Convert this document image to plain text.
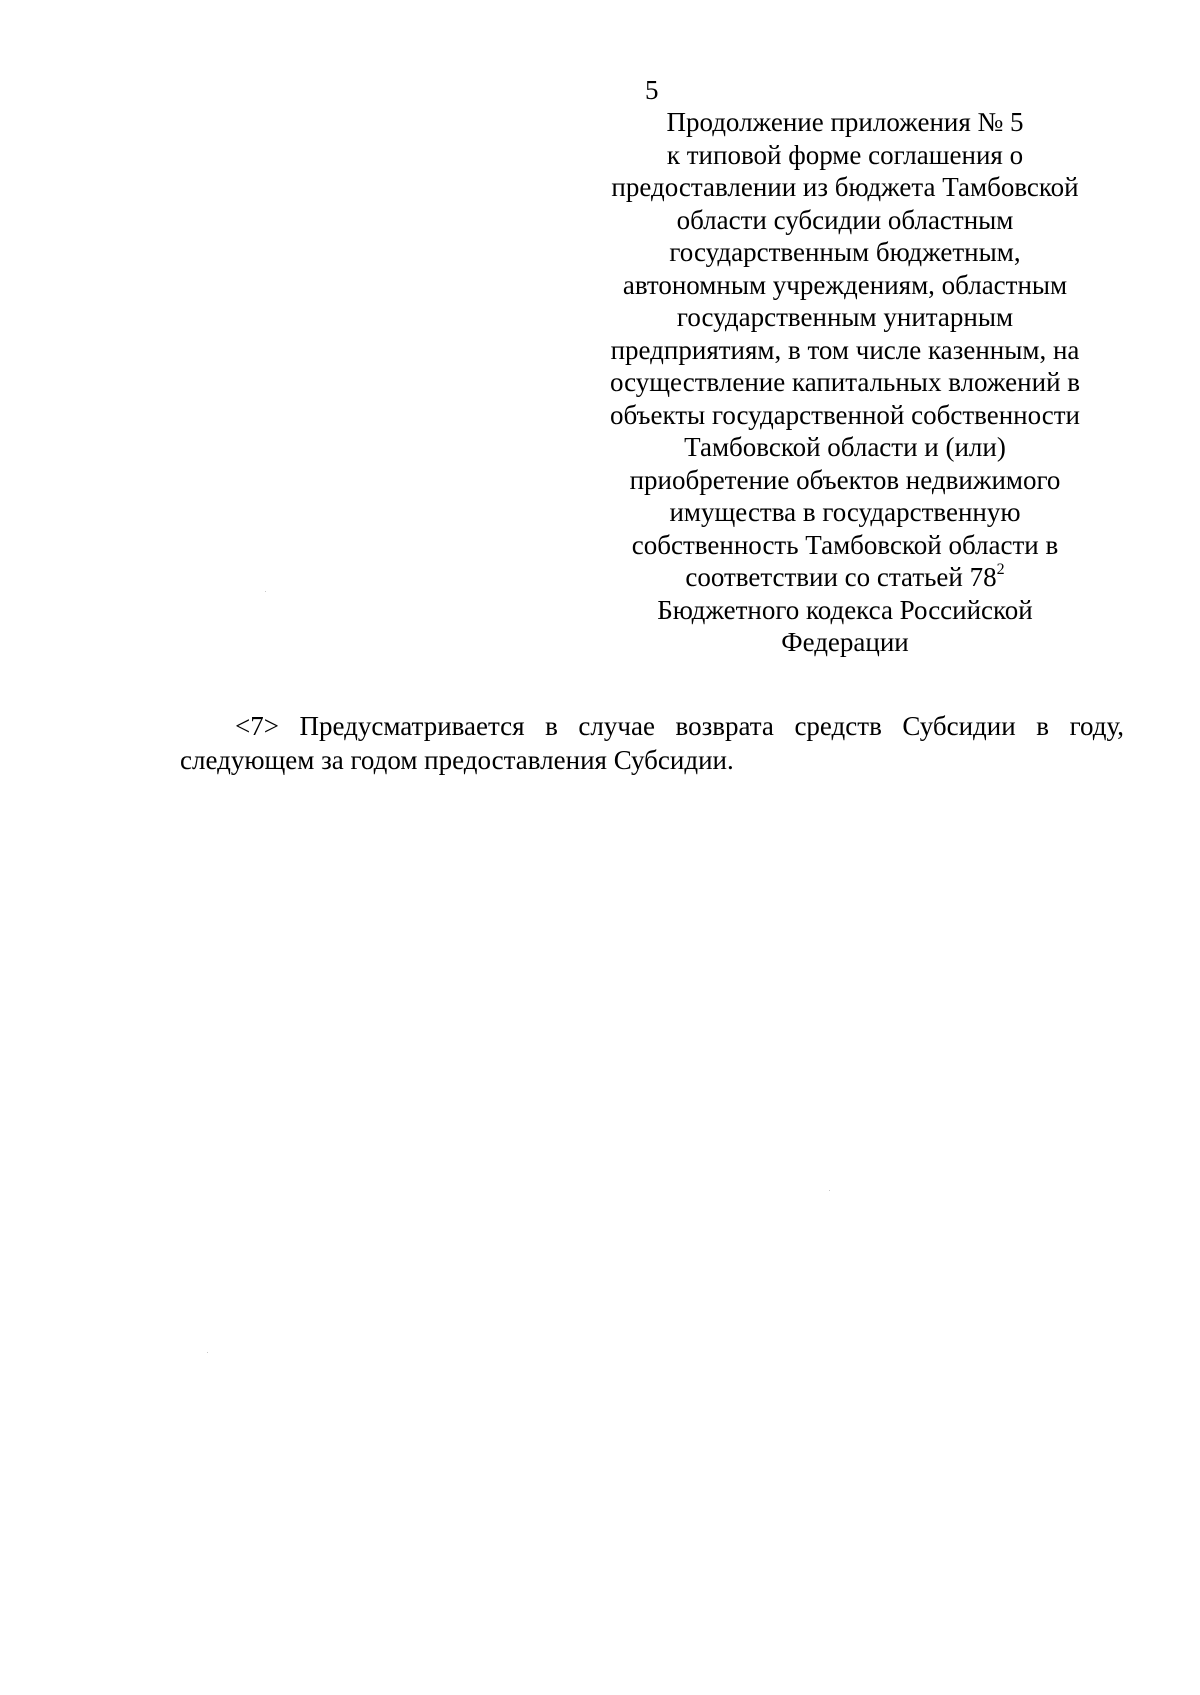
5
Продолжение приложения № 5
к типовой форме соглашения о
предоставлении из бюджета Тамбовской
области субсидии областным
государственным бюджетным,
автономным учреждениям, областным
государственным унитарным
предприятиям, в том числе казенным, на
осуществление капитальных вложений в
объекты государственной собственности
Тамбовской области и (или)
приобретение объектов недвижимого
имущества в государственную
собственность Тамбовской области в
соответствии со статьей $78^2$
Бюджетного кодекса Российской
Федерации
<7> Предусматривается в случае возврата средств Субсидии в году,
следующем за годом предоставления Субсидии.
